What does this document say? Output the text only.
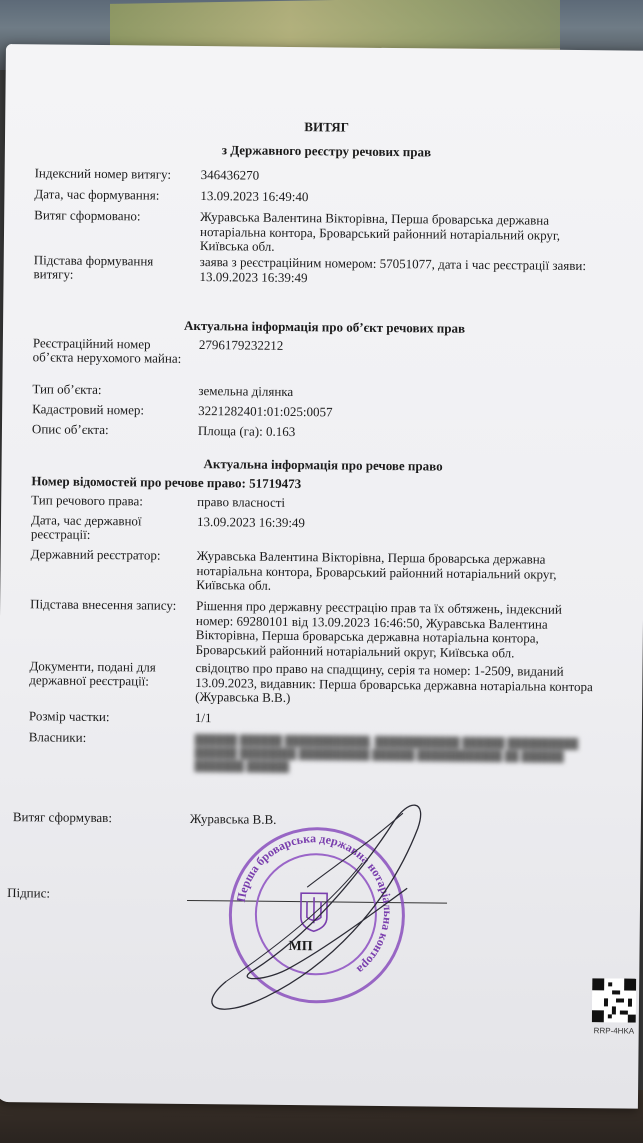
ВИТЯГ
з Державного реєстру речових прав
Індексний номер витягу:	346436270
Дата, час формування:	13.09.2023 16:49:40
Витяг сформовано:	Журавська Валентина Вікторівна, Перша броварська державна нотаріальна контора, Броварський районний нотаріальний округ, Київська обл.
Підстава формування витягу:
заява з реєстраційним номером: 57051077, дата і час реєстрації заяви: 13.09.2023 16:39:49
Актуальна інформація про об’єкт речових прав
Реєстраційний номер об’єкта нерухомого майна:
2796179232212
Тип об’єкта:	земельна ділянка
Кадастровий номер:	3221282401:01:025:0057
Опис об’єкта:	Площа (га): 0.163
Актуальна інформація про речове право
Номер відомостей про речове право: 51719473
Тип речового права:	право власності
Дата, час державної реєстрації:
13.09.2023 16:39:49
Державний реєстратор:	Журавська Валентина Вікторівна, Перша броварська державна нотаріальна контора, Броварський районний нотаріальний округ, Київська обл.
Підстава внесення запису:	Рішення про державну реєстрацію прав та їх обтяжень, індексний номер: 69280101 від 13.09.2023 16:46:50, Журавська Валентина Вікторівна, Перша броварська державна нотаріальна контора, Броварський районний нотаріальний округ, Київська обл.
Документи, подані для державної реєстрації:
свідоцтво про право на спадщину, серія та номер: 1-2509, виданий 13.09.2023, видавник: Перша броварська державна нотаріальна контора (Журавська В.В.)
Розмір частки:	1/1
Власники:	██████ ██████ ████████████, ████████████ ██████ ██████████ ██████ ████████ ██████████ ██████ ████████████ ██ ██████ ███████ ██████
Витяг сформував:	Журавська В.В.
Підпис:	Перша броварська державна нотаріальна контора
МП
RRP-4HKA
